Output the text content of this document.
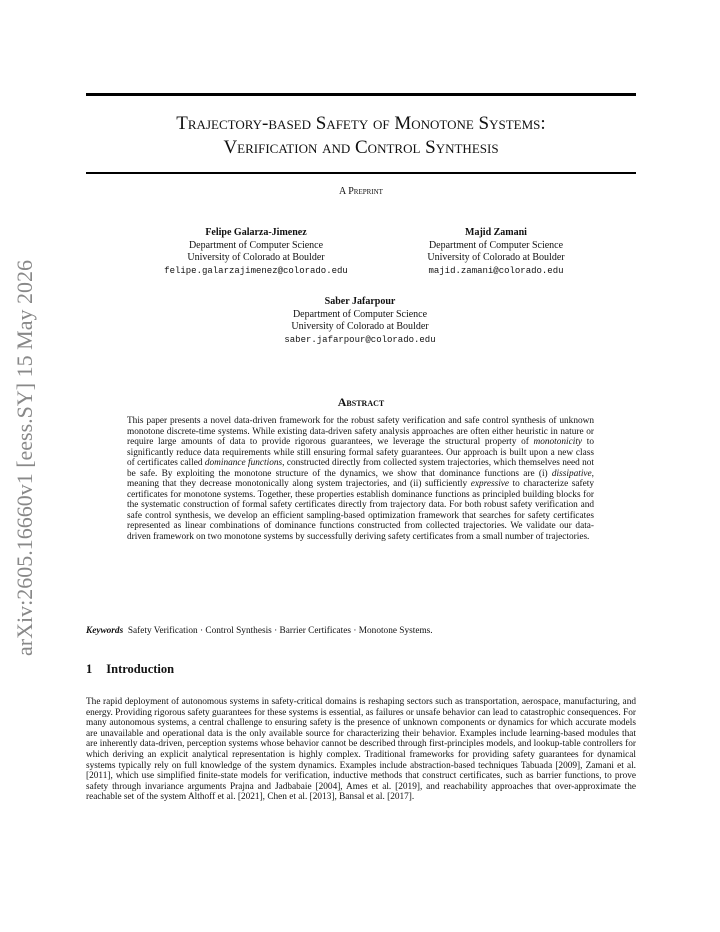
arXiv:2605.16660v1 [eess.SY] 15 May 2026
Trajectory-based Safety of Monotone Systems:
Verification and Control Synthesis
A Preprint
Felipe Galarza-Jimenez
Department of Computer Science
University of Colorado at Boulder
felipe.galarzajimenez@colorado.edu
Majid Zamani
Department of Computer Science
University of Colorado at Boulder
majid.zamani@colorado.edu
Saber Jafarpour
Department of Computer Science
University of Colorado at Boulder
saber.jafarpour@colorado.edu
Abstract
This paper presents a novel data-driven framework for the robust safety verification and safe control synthesis of unknown monotone discrete-time systems. While existing data-driven safety analysis approaches are often either heuristic in nature or require large amounts of data to provide rigorous guarantees, we leverage the structural property of monotonicity to significantly reduce data requirements while still ensuring formal safety guarantees. Our approach is built upon a new class of certificates called dominance functions, constructed directly from collected system trajectories, which themselves need not be safe. By exploiting the monotone structure of the dynamics, we show that dominance functions are (i) dissipative, meaning that they decrease monotonically along system trajectories, and (ii) sufficiently expressive to characterize safety certificates for monotone systems. Together, these properties establish dominance functions as principled building blocks for the systematic construction of formal safety certificates directly from trajectory data. For both robust safety verification and safe control synthesis, we develop an efficient sampling-based optimization framework that searches for safety certificates represented as linear combinations of dominance functions constructed from collected trajectories. We validate our data-driven framework on two monotone systems by successfully deriving safety certificates from a small number of trajectories.
Keywords Safety Verification · Control Synthesis · Barrier Certificates · Monotone Systems.
1 Introduction
The rapid deployment of autonomous systems in safety-critical domains is reshaping sectors such as transportation, aerospace, manufacturing, and energy. Providing rigorous safety guarantees for these systems is essential, as failures or unsafe behavior can lead to catastrophic consequences. For many autonomous systems, a central challenge to ensuring safety is the presence of unknown components or dynamics for which accurate models are unavailable and operational data is the only available source for characterizing their behavior. Examples include learning-based modules that are inherently data-driven, perception systems whose behavior cannot be described through first-principles models, and lookup-table controllers for which deriving an explicit analytical representation is highly complex. Traditional frameworks for providing safety guarantees for dynamical systems typically rely on full knowledge of the system dynamics. Examples include abstraction-based techniques Tabuada [2009], Zamani et al. [2011], which use simplified finite-state models for verification, inductive methods that construct certificates, such as barrier functions, to prove safety through invariance arguments Prajna and Jadbabaie [2004], Ames et al. [2019], and reachability approaches that over-approximate the reachable set of the system Althoff et al. [2021], Chen et al. [2013], Bansal et al. [2017].
